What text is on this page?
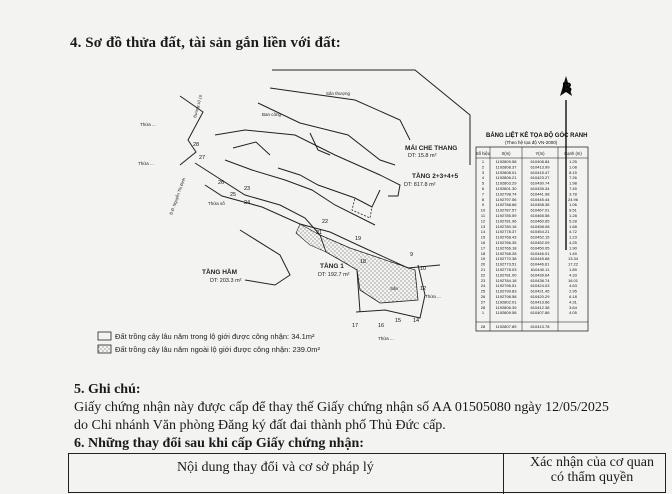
4. Sơ đồ thửa đất, tài sản gắn liền với đất:
B
MÁI CHE THANG
DT: 15.8 m²
TẦNG 2+3+4+5
DT: 817.8 m²
TẦNG HẦM
DT: 203.3 m²
TẦNG 1
DT: 192.7 m²
Sân thượng
Ban công
Sân
Thửa ...
Thửa ...
Thửa số
Thửa ...
Thửa ...
Đường số 10
Đ.Đ. Nguyễn Thị Định
27
28
25
24
22
21
19
9
10
12
14
15
16
17
18
26
23
Đất trồng cây lâu năm trong lộ giới được công nhận: 34.1m²
Đất trồng cây lâu năm ngoài lộ giới được công nhận: 239.0m²
BẢNG LIỆT KÊ TỌA ĐỘ GÓC RANH
(Theo hệ tọa độ VN-2000)
Số hiệu	X(m)	Y(m)	Cạnh (m)
1	1192809.58	610408.84	1.25
2	1192808.37	610413.99	1.08
3	1192808.01	610415.47	8.15
4	1192806.21	610423.27	7.26
5	1192803.29	610430.74	1.98
6	1192801.30	610435.34	7.45
7	1192798.74	610441.98	3.78
8	1192797.56	610445.44	24.96
9	1192788.66	610458.38	1.06
10	1192787.57	610467.01	9.51
11	1192785.59	610465.58	1.28
12	1192781.96	610460.65	5.28
13	1192780.16	610458.08	1.68
14	1192778.37	610454.21	4.72
15	1192768.43	610452.15	1.23
16	1192766.35	610452.09	4.25
17	1192766.18	610450.05	1.90
18	1192768.28	610446.01	1.49
19	1192770.38	610445.68	13.34
20	1192773.51	610446.61	17.22
21	1192778.03	610440.11	1.89
22	1192781.00	610439.64	4.33
23	1192784.18	610438.74	16.01
24	1192796.51	610424.03	4.63
25	1192799.83	610421.45	2.95
26	1192798.58	610420.29	6.18
27	1192802.01	610413.66	4.31
28	1192806.39	610412.38	3.64
1	1192809.58	610407.86	4.05
28	1192807.89	610413.78
5. Ghi chú:
Giấy chứng nhận này được cấp để thay thế Giấy chứng nhận số AA 01505080 ngày 12/05/2025
do Chi nhánh Văn phòng Đăng ký đất đai thành phố Thủ Đức cấp.
6. Những thay đổi sau khi cấp Giấy chứng nhận:
Nội dung thay đổi và cơ sở pháp lý	Xác nhận của cơ quan
có thẩm quyền
